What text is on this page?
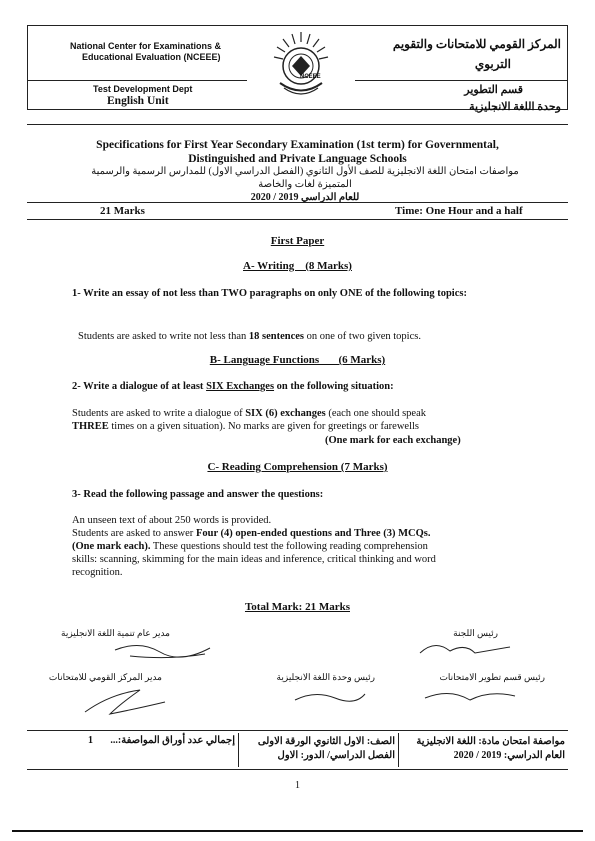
National Center for Examinations &
Educational Evaluation (NCEEE)
المركز القومي للامتحانات والتقويم
التربوي
NCEEE
Test Development Dept
English Unit
قسم التطوير
وحدة اللغة الانجليزية
Specifications for First Year Secondary Examination (1st term) for Governmental,
Distinguished and Private Language Schools
مواصفات امتحان اللغة الانجليزية للصف الأول الثانوي (الفصل الدراسي الاول) للمدارس الرسمية والرسمية
المتميزة لغات والخاصة
للعام الدراسي 2019 / 2020
21 Marks	Time: One Hour and a half
First Paper
A- Writing    (8 Marks)
1- Write an essay of not less than TWO paragraphs on only ONE of the following topics:
Students are asked to write not less than 18 sentences on one of two given topics.
B- Language Functions       (6 Marks)
2- Write a dialogue of at least SIX Exchanges on the following situation:
Students are asked to write a dialogue of SIX (6) exchanges (each one should speak
THREE times on a given situation). No marks are given for greetings or farewells
(One mark for each exchange)
C- Reading Comprehension (7 Marks)
3- Read the following passage and answer the questions:
An unseen text of about 250 words is provided.
Students are asked to answer Four (4) open-ended questions and Three (3) MCQs.
(One mark each). These questions should test the following reading comprehension
skills: scanning, skimming for the main ideas and inference, critical thinking and word
recognition.
Total Mark: 21 Marks
مدير عام تنمية اللغة الانجليزية	رئيس اللجنة
مدير المركز القومي للامتحانات	رئيس وحدة اللغة الانجليزية	رئيس قسم تطوير الامتحانات
مواصفة امتحان مادة: اللغة الانجليزية
العام الدراسي: 2019 / 2020
الصف: الاول الثانوي الورقة الاولى
الفصل الدراسي/ الدور: الاول
إجمالي عدد أوراق المواصفة:...
1
1
